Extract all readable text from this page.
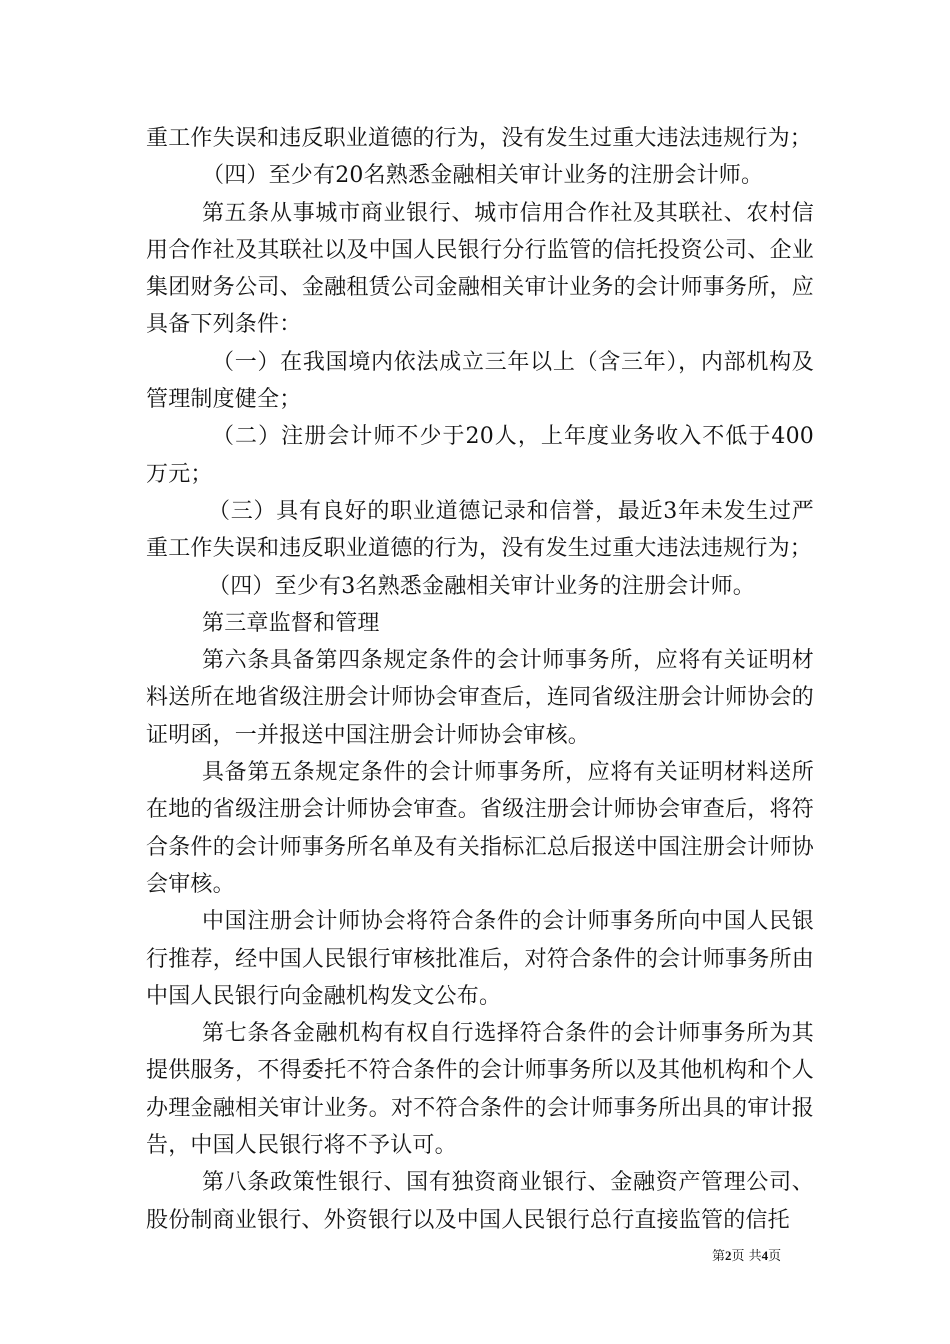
重工作失误和违反职业道德的行为，没有发生过重大违法违规行为；

（四）至少有20名熟悉金融相关审计业务的注册会计师。

第五条从事城市商业银行、城市信用合作社及其联社、农村信用合作社及其联社以及中国人民银行分行监管的信托投资公司、企业集团财务公司、金融租赁公司金融相关审计业务的会计师事务所，应具备下列条件：

（一）在我国境内依法成立三年以上（含三年），内部机构及管理制度健全；

（二）注册会计师不少于20人，上年度业务收入不低于400万元；

（三）具有良好的职业道德记录和信誉，最近3年未发生过严重工作失误和违反职业道德的行为，没有发生过重大违法违规行为；

（四）至少有3名熟悉金融相关审计业务的注册会计师。

第三章监督和管理

第六条具备第四条规定条件的会计师事务所，应将有关证明材料送所在地省级注册会计师协会审查后，连同省级注册会计师协会的证明函，一并报送中国注册会计师协会审核。

具备第五条规定条件的会计师事务所，应将有关证明材料送所在地的省级注册会计师协会审查。省级注册会计师协会审查后，将符合条件的会计师事务所名单及有关指标汇总后报送中国注册会计师协会审核。

中国注册会计师协会将符合条件的会计师事务所向中国人民银行推荐，经中国人民银行审核批准后，对符合条件的会计师事务所由中国人民银行向金融机构发文公布。

第七条各金融机构有权自行选择符合条件的会计师事务所为其提供服务，不得委托不符合条件的会计师事务所以及其他机构和个人办理金融相关审计业务。对不符合条件的会计师事务所出具的审计报告，中国人民银行将不予认可。

第八条政策性银行、国有独资商业银行、金融资产管理公司、股份制商业银行、外资银行以及中国人民银行总行直接监管的信托

第2页 共4页
